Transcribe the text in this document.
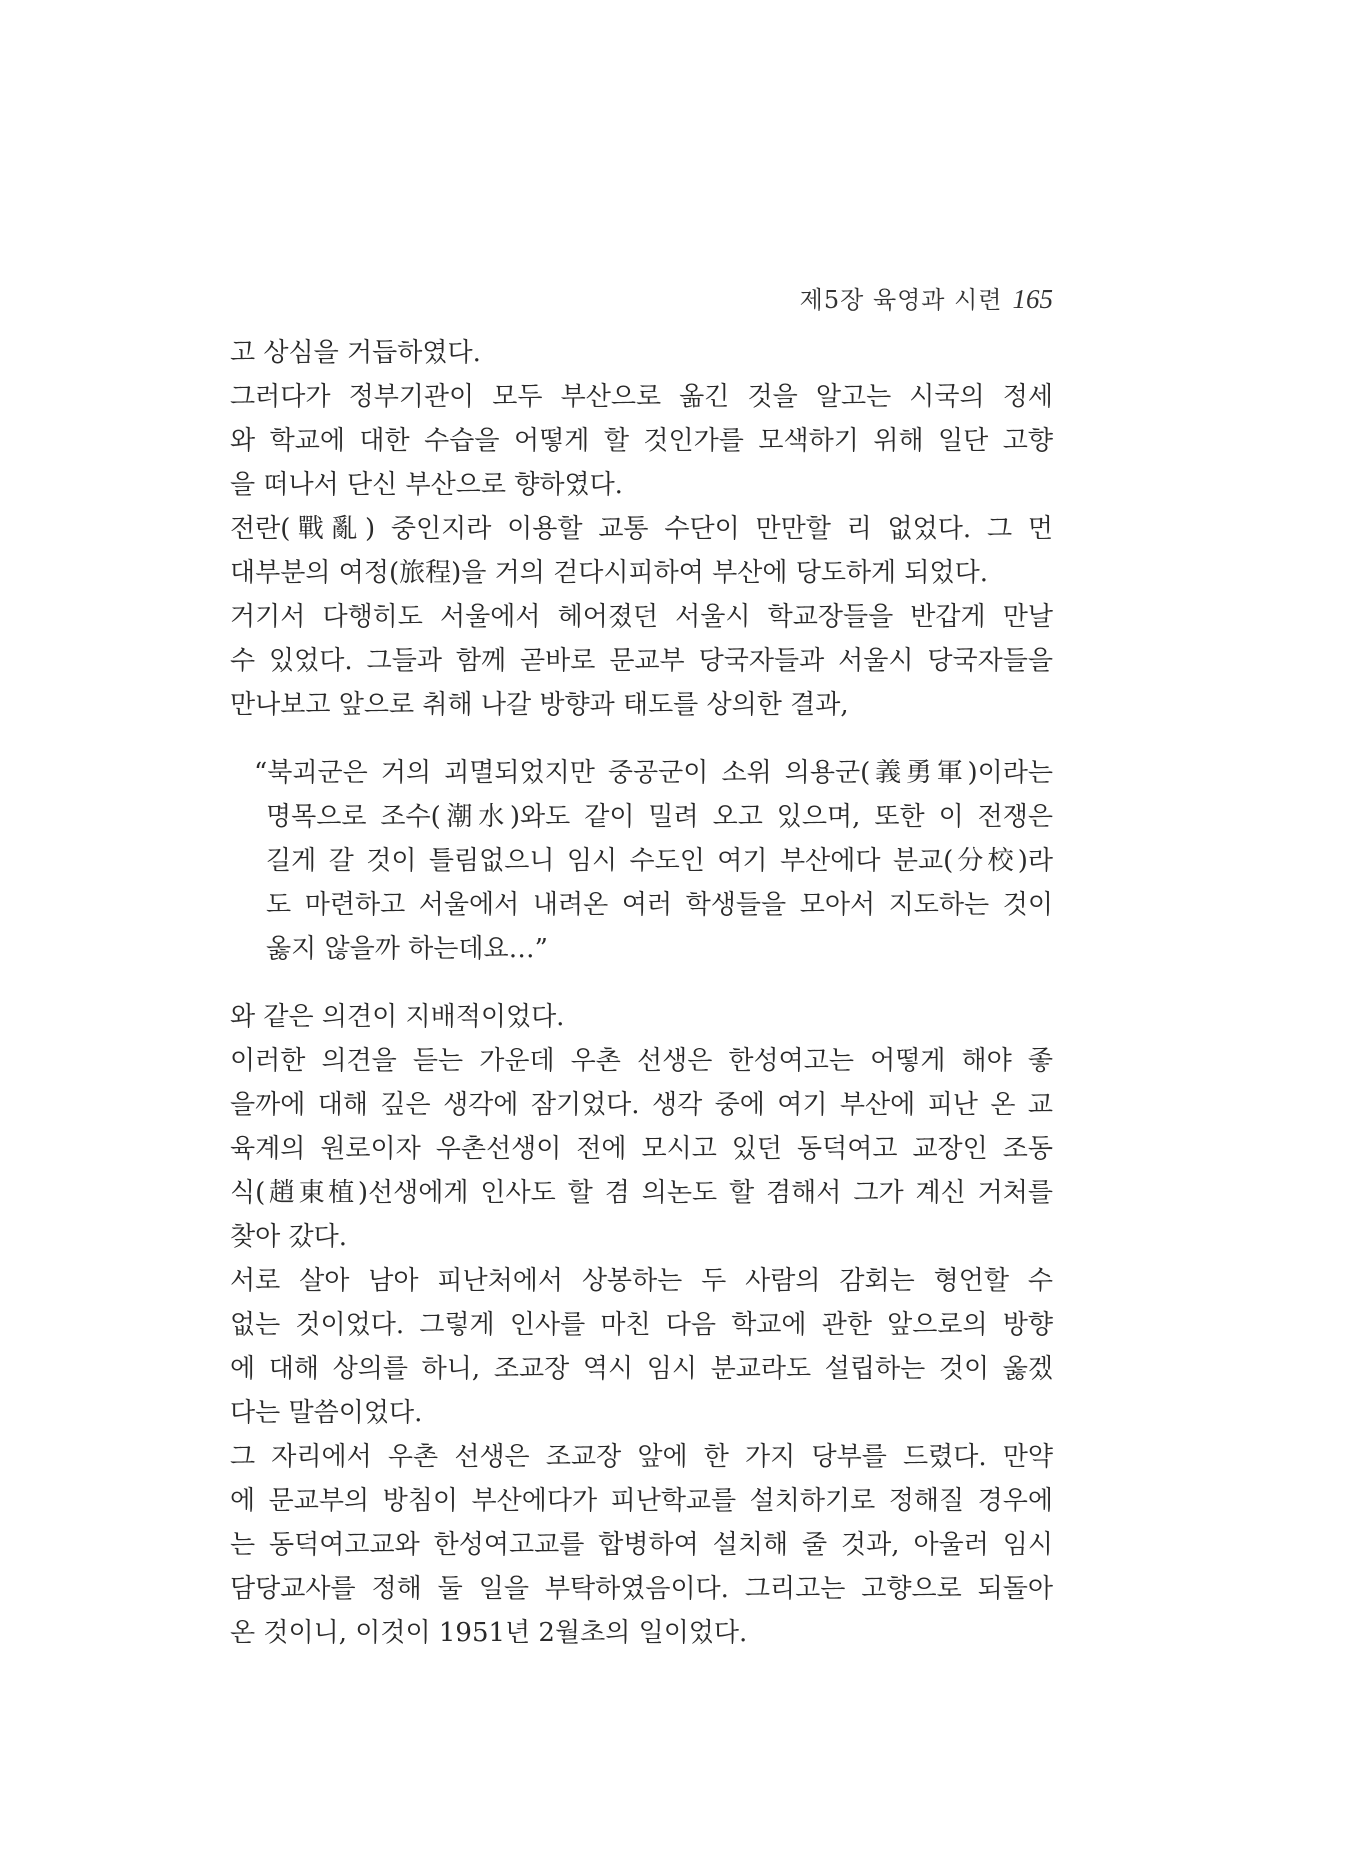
제5장 육영과 시련 165
고 상심을 거듭하였다.
그러다가 정부기관이 모두 부산으로 옮긴 것을 알고는 시국의 정세
와 학교에 대한 수습을 어떻게 할 것인가를 모색하기 위해 일단 고향
을 떠나서 단신 부산으로 향하였다.
전란(戰亂) 중인지라 이용할 교통 수단이 만만할 리 없었다. 그 먼
대부분의 여정(旅程)을 거의 걷다시피하여 부산에 당도하게 되었다.
거기서 다행히도 서울에서 헤어졌던 서울시 학교장들을 반갑게 만날
수 있었다. 그들과 함께 곧바로 문교부 당국자들과 서울시 당국자들을
만나보고 앞으로 취해 나갈 방향과 태도를 상의한 결과,
“북괴군은 거의 괴멸되었지만 중공군이 소위 의용군(義勇軍)이라는
명목으로 조수(潮水)와도 같이 밀려 오고 있으며, 또한 이 전쟁은
길게 갈 것이 틀림없으니 임시 수도인 여기 부산에다 분교(分校)라
도 마련하고 서울에서 내려온 여러 학생들을 모아서 지도하는 것이
옳지 않을까 하는데요…”
와 같은 의견이 지배적이었다.
이러한 의견을 듣는 가운데 우촌 선생은 한성여고는 어떻게 해야 좋
을까에 대해 깊은 생각에 잠기었다. 생각 중에 여기 부산에 피난 온 교
육계의 원로이자 우촌선생이 전에 모시고 있던 동덕여고 교장인 조동
식(趙東植)선생에게 인사도 할 겸 의논도 할 겸해서 그가 계신 거처를
찾아 갔다.
서로 살아 남아 피난처에서 상봉하는 두 사람의 감회는 형언할 수
없는 것이었다. 그렇게 인사를 마친 다음 학교에 관한 앞으로의 방향
에 대해 상의를 하니, 조교장 역시 임시 분교라도 설립하는 것이 옳겠
다는 말씀이었다.
그 자리에서 우촌 선생은 조교장 앞에 한 가지 당부를 드렸다. 만약
에 문교부의 방침이 부산에다가 피난학교를 설치하기로 정해질 경우에
는 동덕여고교와 한성여고교를 합병하여 설치해 줄 것과, 아울러 임시
담당교사를 정해 둘 일을 부탁하였음이다. 그리고는 고향으로 되돌아
온 것이니, 이것이 1951년 2월초의 일이었다.
